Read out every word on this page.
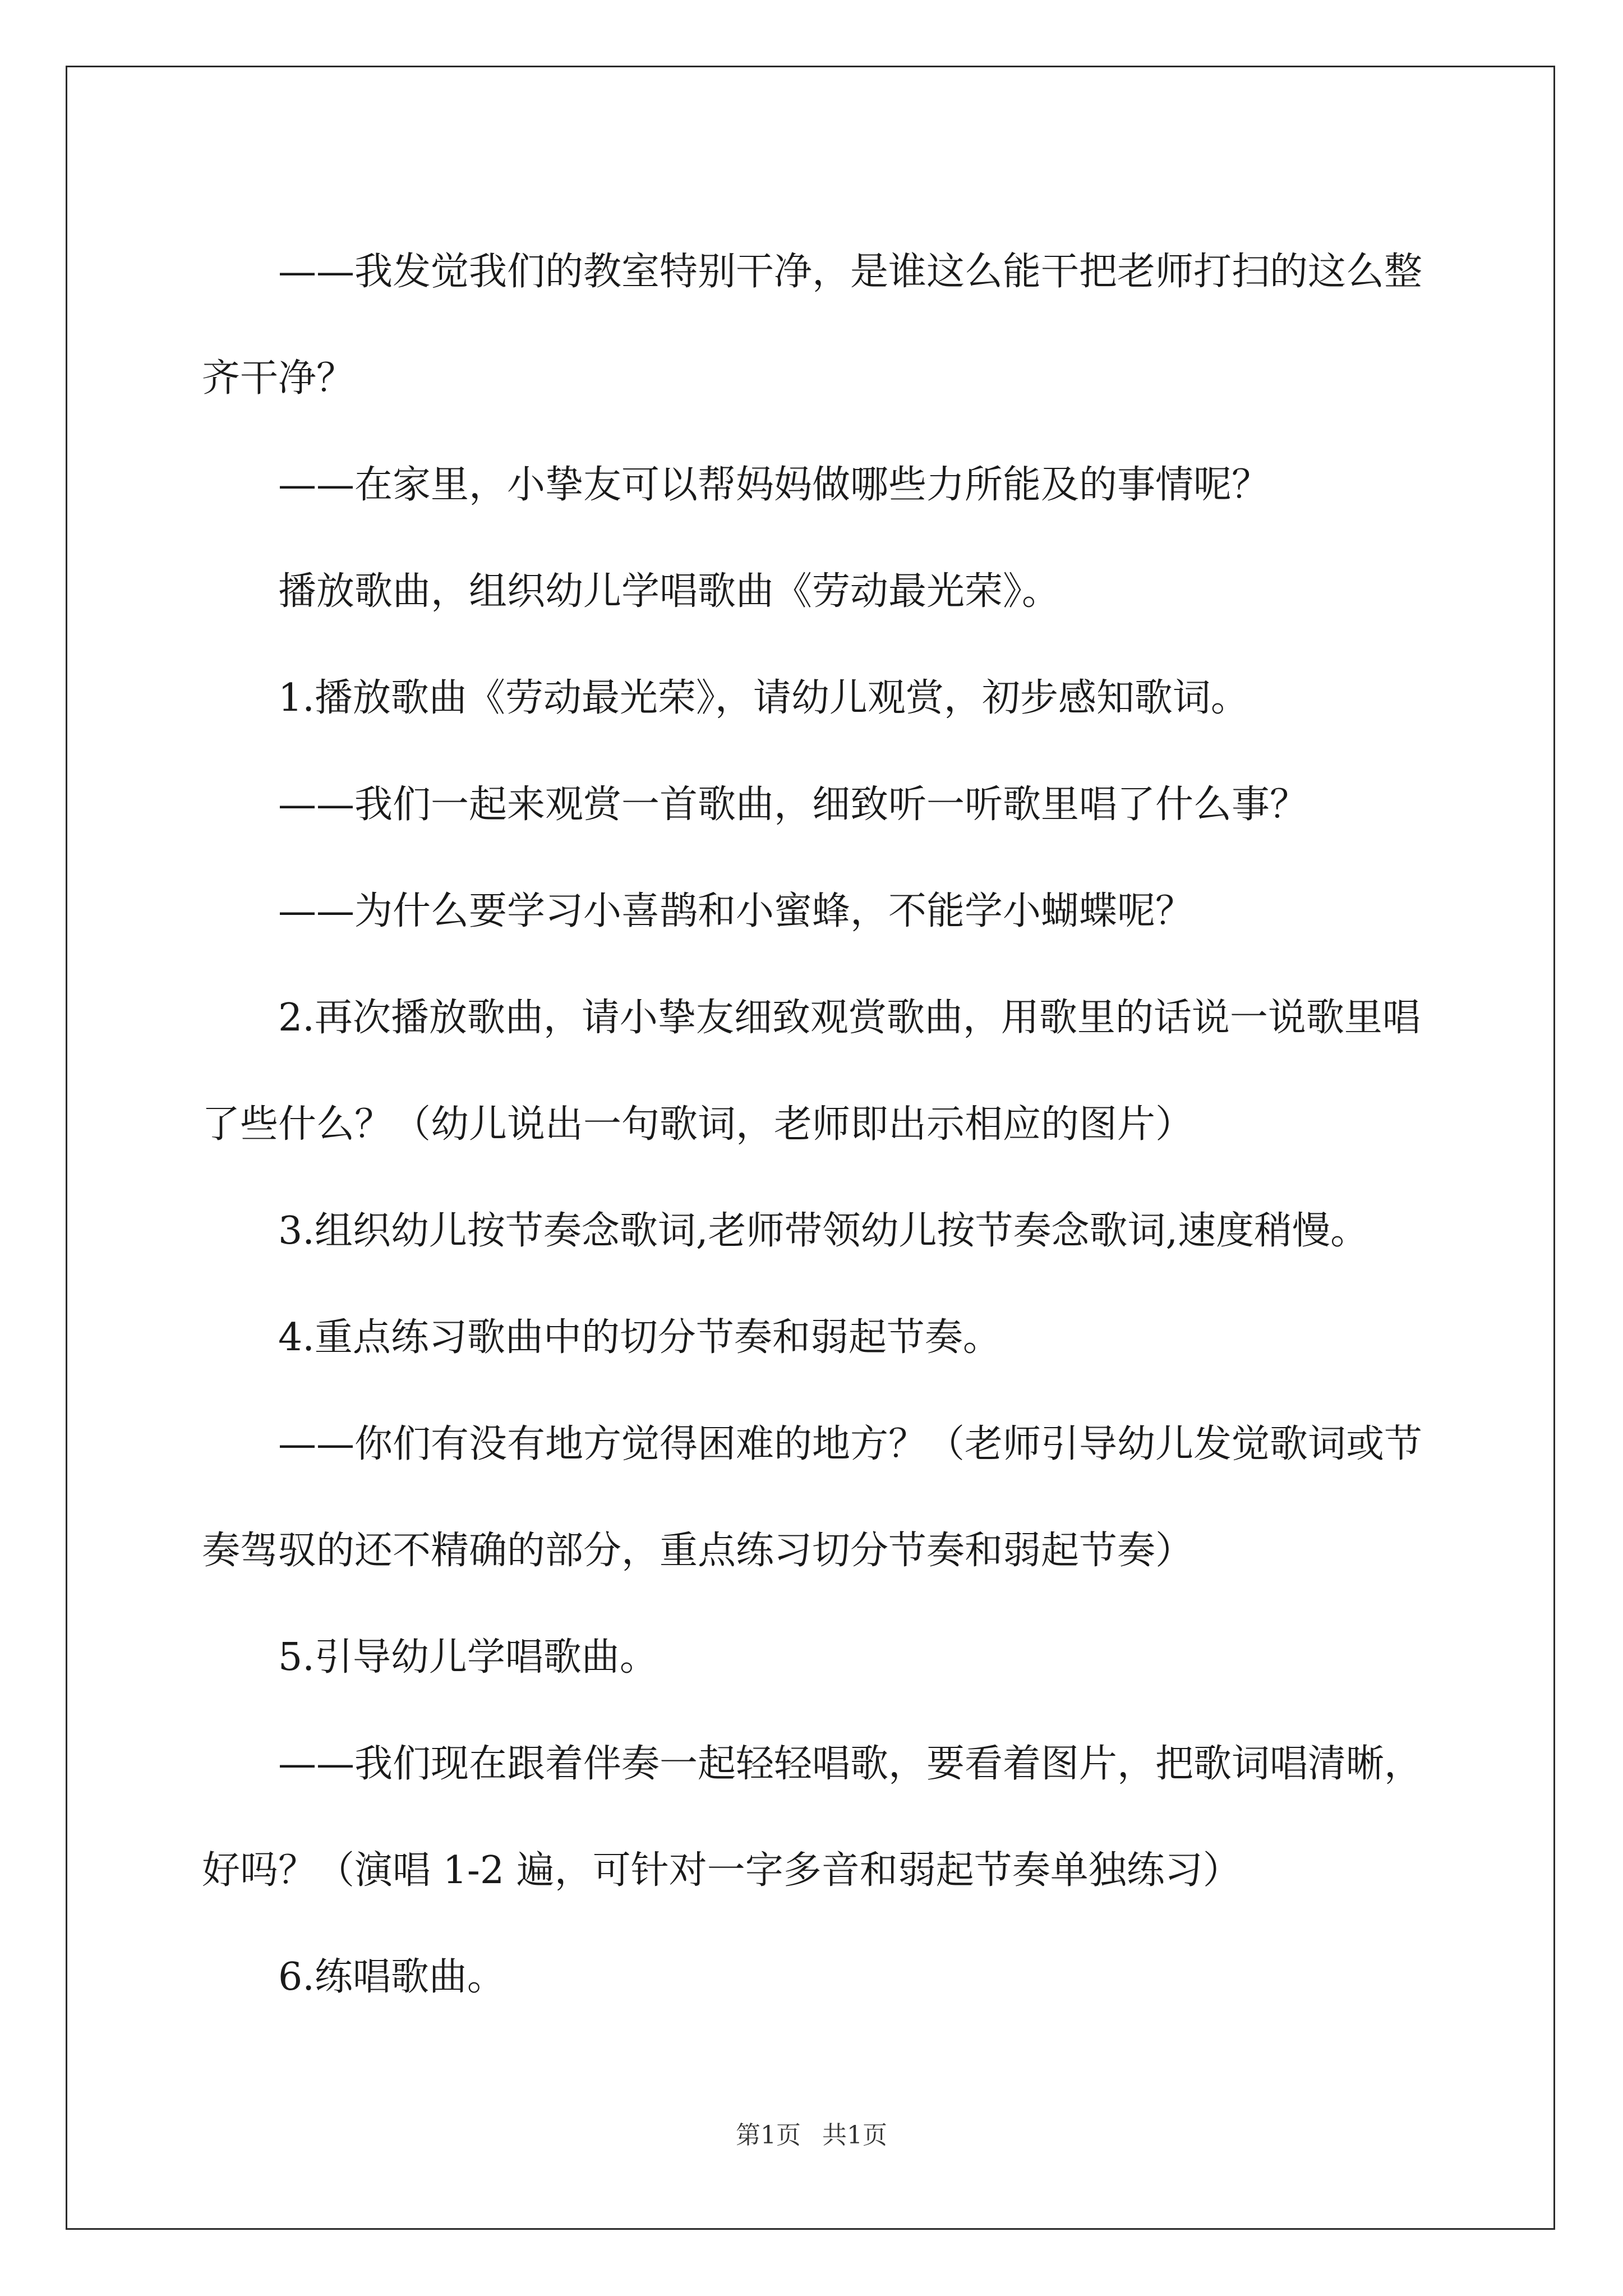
——我发觉我们的教室特别干净，是谁这么能干把老师打扫的这么整齐干净？

——在家里，小挚友可以帮妈妈做哪些力所能及的事情呢？

播放歌曲，组织幼儿学唱歌曲《劳动最光荣》。

1.播放歌曲《劳动最光荣》，请幼儿观赏，初步感知歌词。

——我们一起来观赏一首歌曲，细致听一听歌里唱了什么事？

——为什么要学习小喜鹊和小蜜蜂，不能学小蝴蝶呢？

2.再次播放歌曲，请小挚友细致观赏歌曲，用歌里的话说一说歌里唱了些什么？（幼儿说出一句歌词，老师即出示相应的图片）

3.组织幼儿按节奏念歌词,老师带领幼儿按节奏念歌词,速度稍慢。

4.重点练习歌曲中的切分节奏和弱起节奏。

——你们有没有地方觉得困难的地方？（老师引导幼儿发觉歌词或节奏驾驭的还不精确的部分，重点练习切分节奏和弱起节奏）

5.引导幼儿学唱歌曲。

——我们现在跟着伴奏一起轻轻唱歌，要看着图片，把歌词唱清晰，好吗？（演唱 1-2 遍，可针对一字多音和弱起节奏单独练习）

6.练唱歌曲。

第1页 共1页
